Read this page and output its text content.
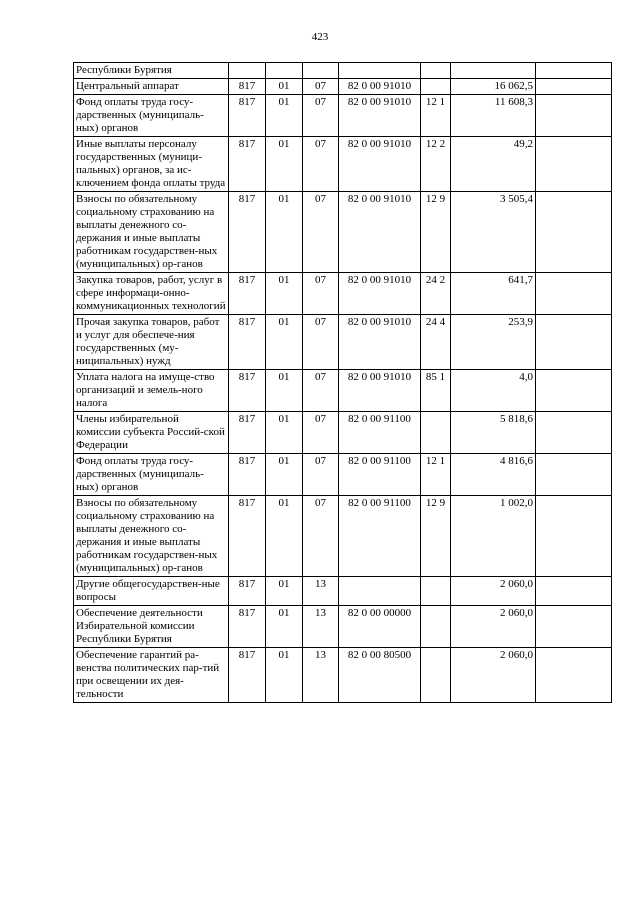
423
Республики Бурятия							
Центральный аппарат	817	01	07	82 0 00 91010		16 062,5	
Фонд оплаты труда госу-дарственных (муниципаль-ных) органов	817	01	07	82 0 00 91010	12 1	11 608,3	
Иные выплаты персоналу государственных (муници-пальных) органов, за ис-ключением фонда оплаты труда	817	01	07	82 0 00 91010	12 2	49,2	
Взносы по обязательному социальному страхованию на выплаты денежного со-держания и иные выплаты работникам государствен-ных (муниципальных) ор-ганов	817	01	07	82 0 00 91010	12 9	3 505,4	
Закупка товаров, работ, услуг в сфере информаци-онно-коммуникационных технологий	817	01	07	82 0 00 91010	24 2	641,7	
Прочая закупка товаров, работ и услуг для обеспече-ния государственных (му-ниципальных) нужд	817	01	07	82 0 00 91010	24 4	253,9	
Уплата налога на имуще-ство организаций и земель-ного налога	817	01	07	82 0 00 91010	85 1	4,0	
Члены избирательной комиссии субъекта Россий-ской Федерации	817	01	07	82 0 00 91100		5 818,6	
Фонд оплаты труда госу-дарственных (муниципаль-ных) органов	817	01	07	82 0 00 91100	12 1	4 816,6	
Взносы по обязательному социальному страхованию на выплаты денежного со-держания и иные выплаты работникам государствен-ных (муниципальных) ор-ганов	817	01	07	82 0 00 91100	12 9	1 002,0	
Другие общегосударствен-ные вопросы	817	01	13			2 060,0	
Обеспечение деятельности Избирательной комиссии Республики Бурятия	817	01	13	82 0 00 00000		2 060,0	
Обеспечение гарантий ра-венства политических пар-тий при освещении их дея-тельности	817	01	13	82 0 00 80500		2 060,0	
